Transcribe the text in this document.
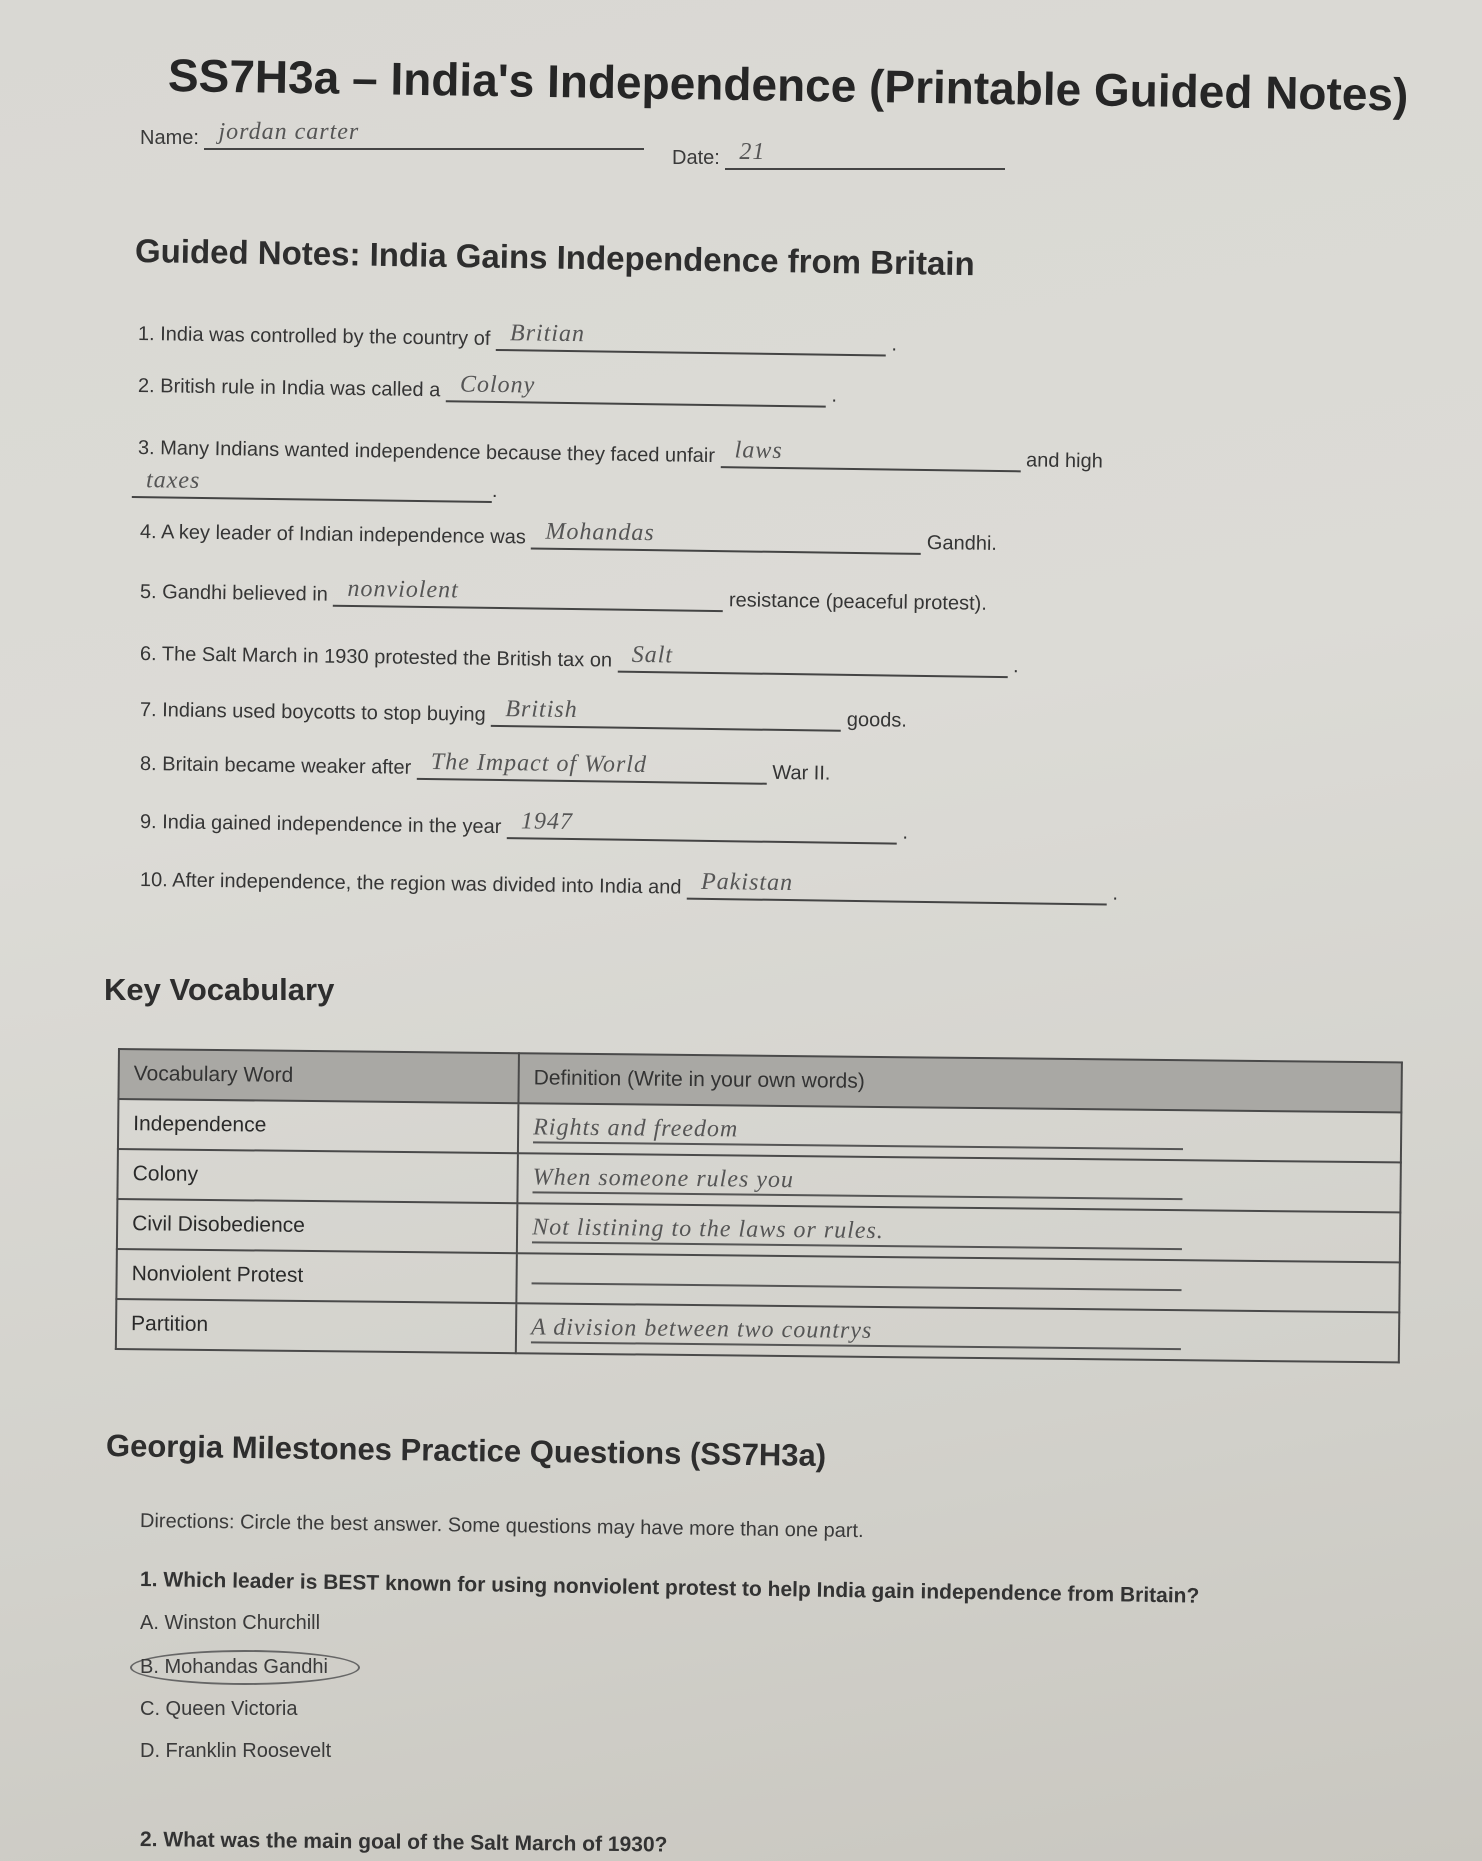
SS7H3a – India's Independence (Printable Guided Notes)
Name: jordan carter
Date: 21
Guided Notes: India Gains Independence from Britain
1. India was controlled by the country of Britian	.
2. British rule in India was called a Colony	.
3. Many Indians wanted independence because they faced unfair laws	and high
taxes	.
4. A key leader of Indian independence was Mohandas	Gandhi.
5. Gandhi believed in nonviolent	resistance (peaceful protest).
6. The Salt March in 1930 protested the British tax on Salt	.
7. Indians used boycotts to stop buying British	goods.
8. Britain became weaker after The Impact of World	War II.
9. India gained independence in the year 1947	.
10. After independence, the region was divided into India and Pakistan	.
Key Vocabulary
Vocabulary Word	Definition (Write in your own words)
Independence	Rights and freedom
Colony	When someone rules you
Civil Disobedience	Not listining to the laws or rules.
Nonviolent Protest	
Partition	A division between two countrys
Georgia Milestones Practice Questions (SS7H3a)
Directions: Circle the best answer. Some questions may have more than one part.
1. Which leader is BEST known for using nonviolent protest to help India gain independence from Britain?
A. Winston Churchill
B. Mohandas Gandhi
C. Queen Victoria
D. Franklin Roosevelt
2. What was the main goal of the Salt March of 1930?
